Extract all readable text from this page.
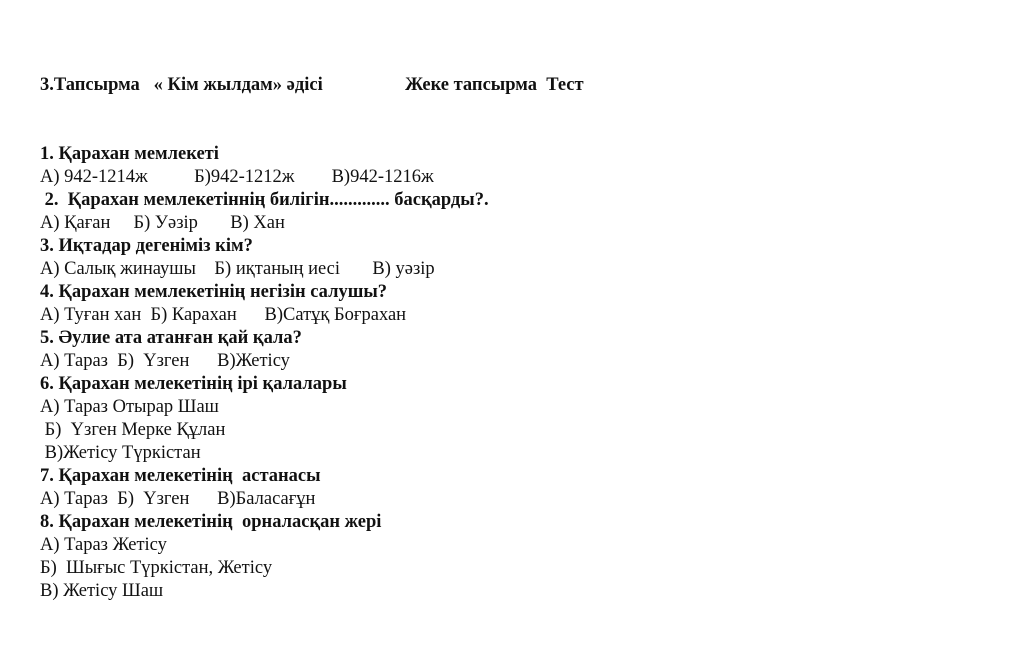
3.Тапсырма   « Кім жылдам» әдісі	Жеке тапсырма  Тест

1. Қарахан мемлекеті
А) 942-1214ж          Б)942-1212ж        В)942-1216ж
2.  Қарахан мемлекетіннің билігін............. басқарды?.
А) Қаған     Б) Уәзір       В) Хан
3. Иқтадар дегеніміз кім?
А) Салық жинаушы    Б) иқтаның иесі       В) уәзір
4. Қарахан мемлекетінің негізін салушы?
А) Туған хан  Б) Карахан      В)Сатұқ Боғрахан
5. Әулие ата атанған қай қала?
А) Тараз  Б)  Үзген      В)Жетісу
6. Қарахан мелекетінің ірі қалалары
А) Тараз Отырар Шаш
Б)  Үзген Мерке Құлан
В)Жетісу Түркістан
7. Қарахан мелекетінің  астанасы
А) Тараз  Б)  Үзген      В)Баласағұн
8. Қарахан мелекетінің  орналасқан жері
А) Тараз Жетісу
Б)  Шығыс Түркістан, Жетісу
В) Жетісу Шаш
